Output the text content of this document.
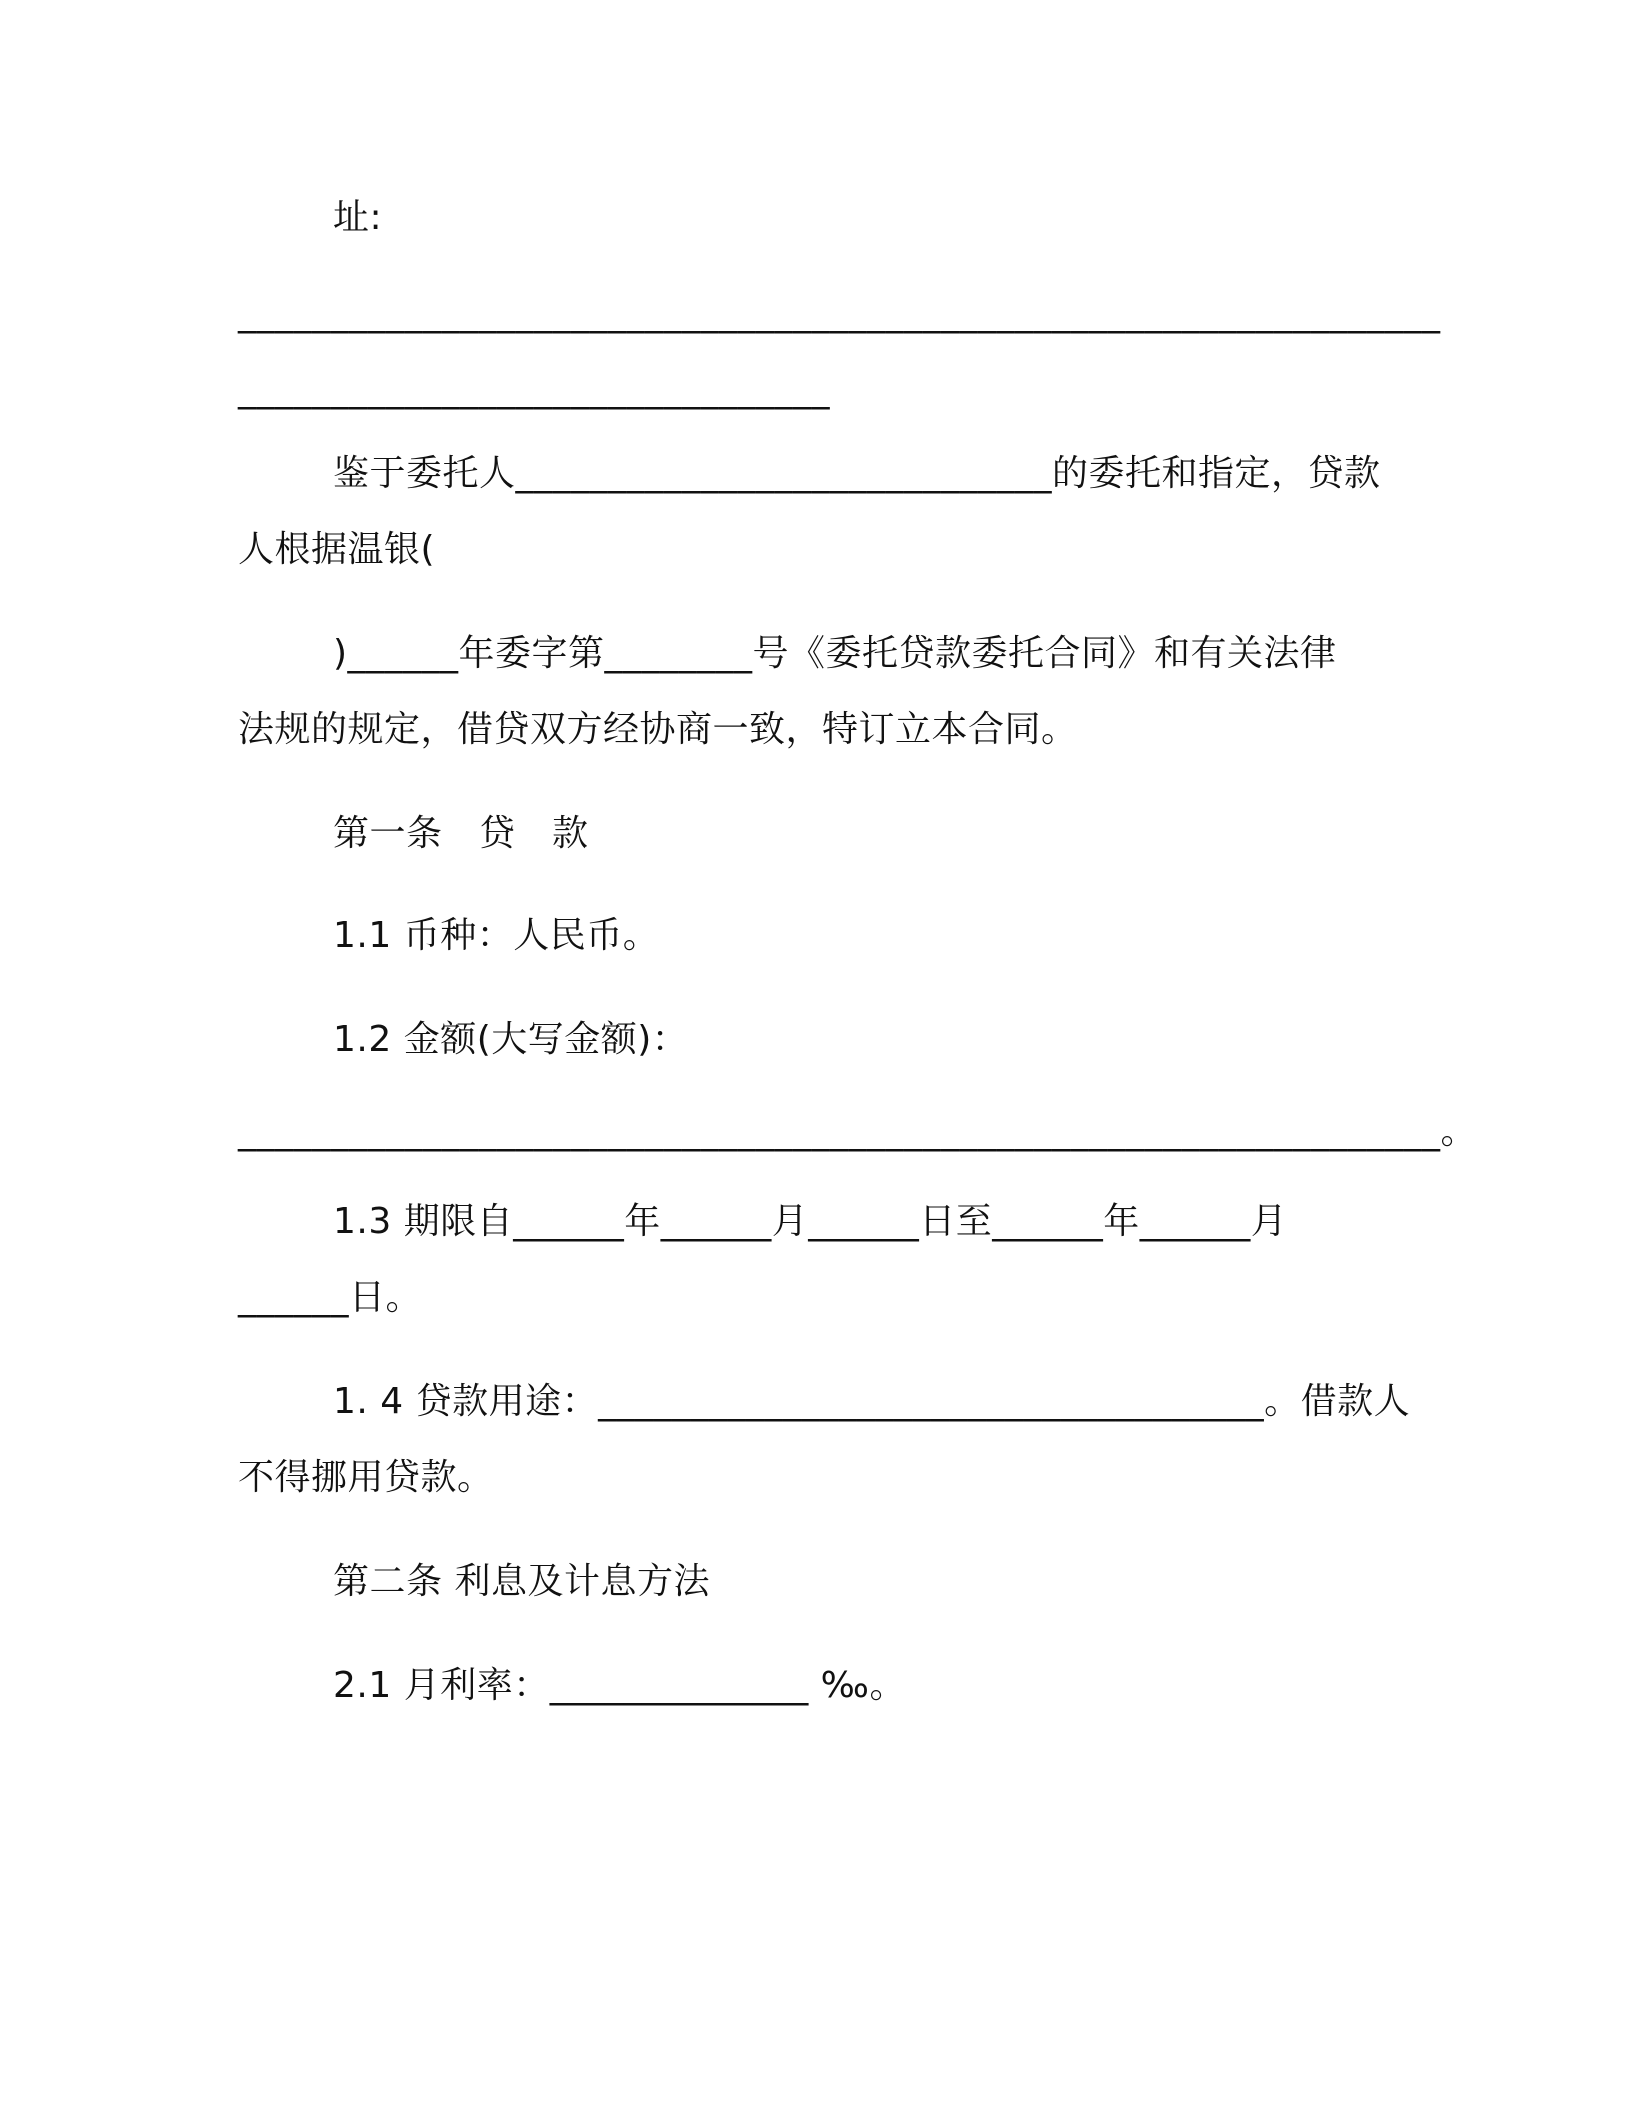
址:
_________________________________________________________________
________________________________
鉴于委托人_____________________________的委托和指定，贷款
人根据温银(
)______年委字第________号《委托贷款委托合同》和有关法律
法规的规定，借贷双方经协商一致，特订立本合同。
第一条　贷　款
1.1 币种：人民币。
1.2 金额(大写金额)：
_________________________________________________________________。
1.3 期限自______年______月______日至______年______月
______日。
1. 4 贷款用途：____________________________________。借款人
不得挪用贷款。
第二条 利息及计息方法
2.1 月利率：______________ ‰。
